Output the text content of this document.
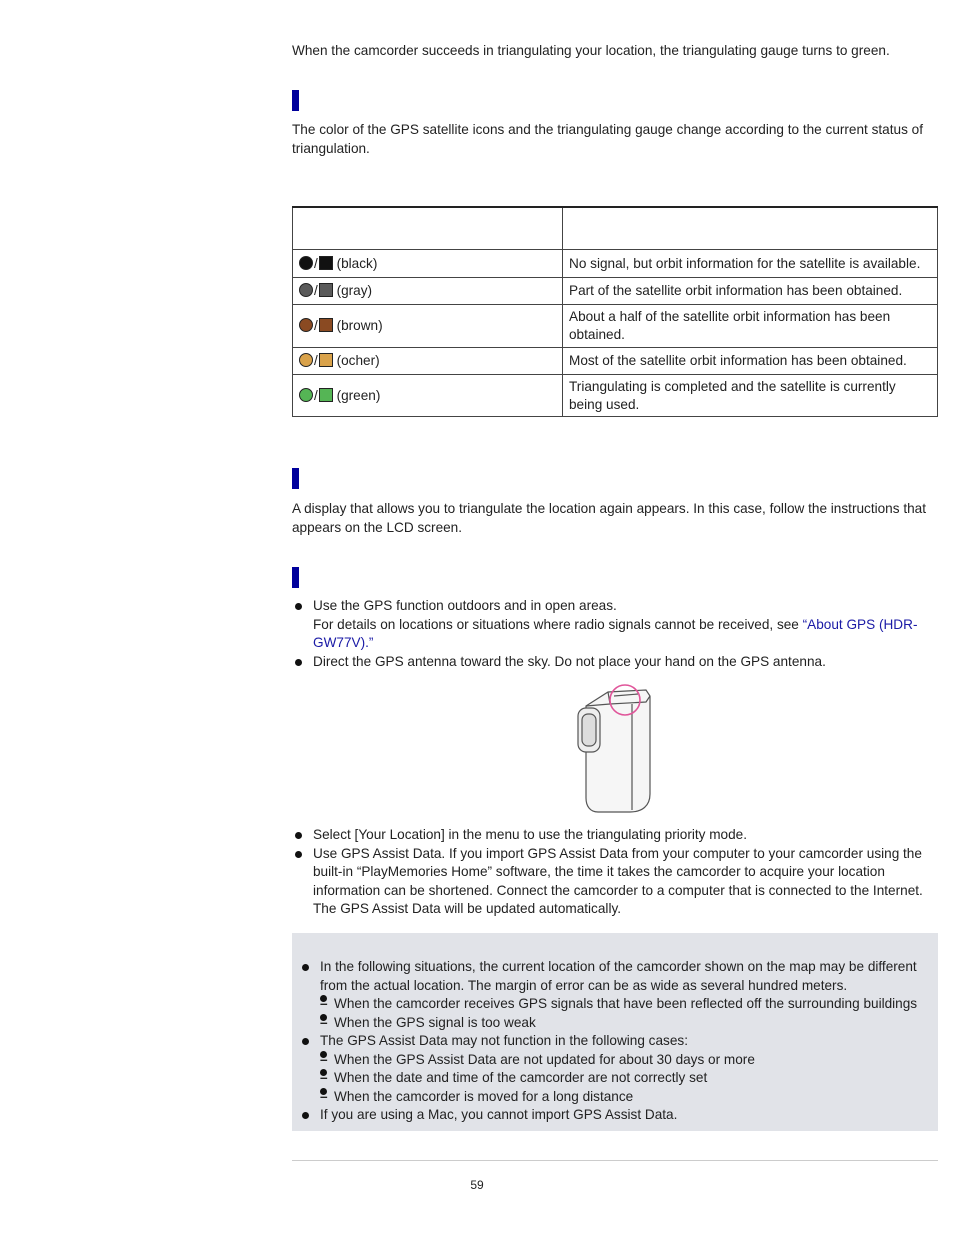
When the camcorder succeeds in triangulating your location, the triangulating gauge turns to green.

The color of the GPS satellite icons and the triangulating gauge change according to the current status of triangulation.

/ (black)	No signal, but orbit information for the satellite is available.
/ (gray)	Part of the satellite orbit information has been obtained.
/ (brown)	About a half of the satellite orbit information has been obtained.
/ (ocher)	Most of the satellite orbit information has been obtained.
/ (green)	Triangulating is completed and the satellite is currently being used.

A display that allows you to triangulate the location again appears. In this case, follow the instructions that appears on the LCD screen.

Use the GPS function outdoors and in open areas.
For details on locations or situations where radio signals cannot be received, see “About GPS (HDR-GW77V).”
Direct the GPS antenna toward the sky. Do not place your hand on the GPS antenna.
Select [Your Location] in the menu to use the triangulating priority mode.
Use GPS Assist Data. If you import GPS Assist Data from your computer to your camcorder using the built-in “PlayMemories Home” software, the time it takes the camcorder to acquire your location information can be shortened. Connect the camcorder to a computer that is connected to the Internet. The GPS Assist Data will be updated automatically.
In the following situations, the current location of the camcorder shown on the map may be different from the actual location. The margin of error can be as wide as several hundred meters.
– When the camcorder receives GPS signals that have been reflected off the surrounding buildings
– When the GPS signal is too weak
The GPS Assist Data may not function in the following cases:
– When the GPS Assist Data are not updated for about 30 days or more
– When the date and time of the camcorder are not correctly set
– When the camcorder is moved for a long distance
If you are using a Mac, you cannot import GPS Assist Data.
59
